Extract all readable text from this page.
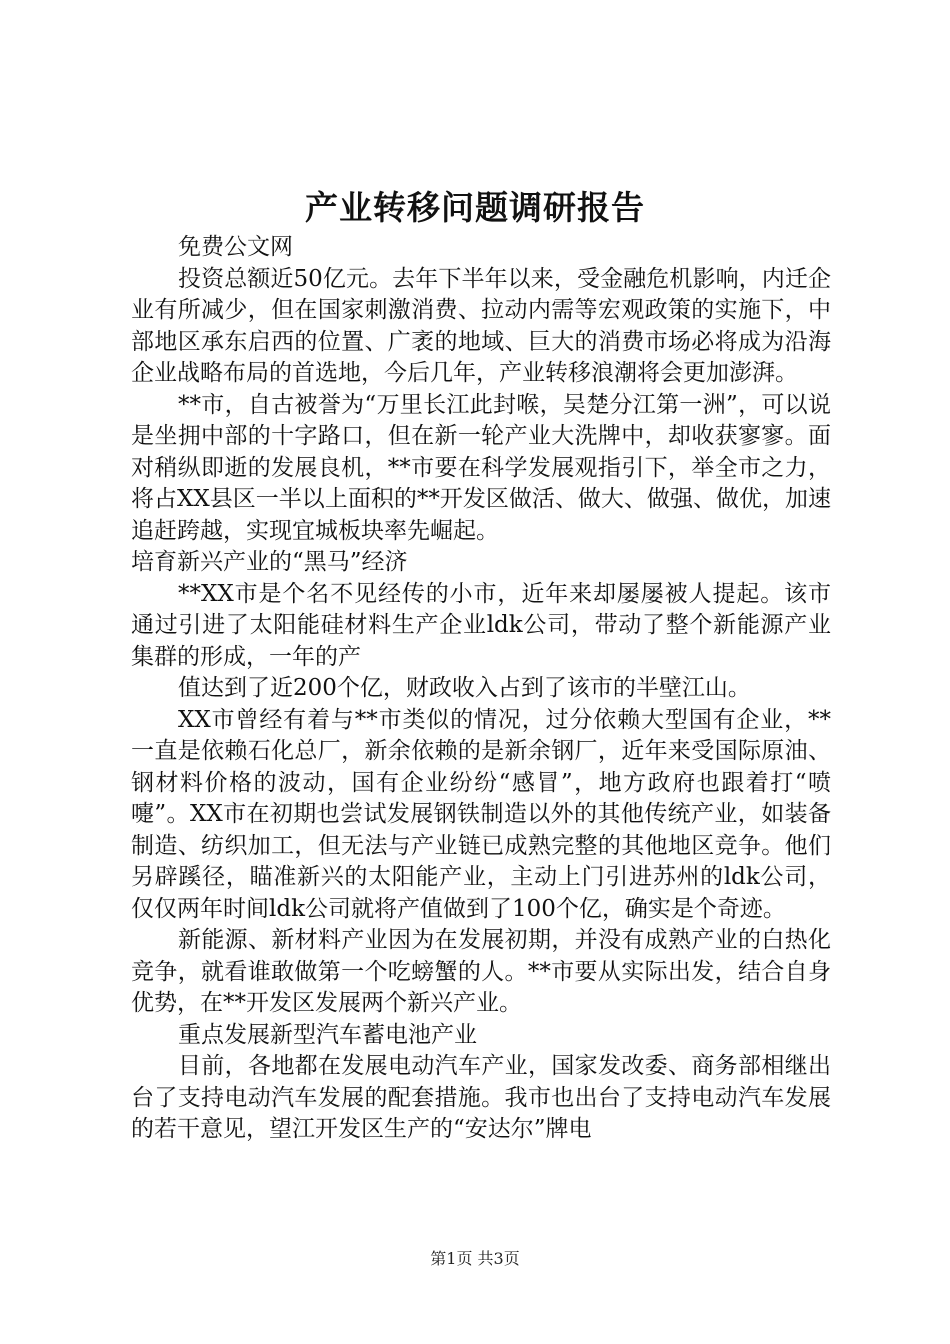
产业转移问题调研报告

免费公文网

投资总额近50亿元。去年下半年以来，受金融危机影响，内迁企业有所减少，但在国家刺激消费、拉动内需等宏观政策的实施下，中部地区承东启西的位置、广袤的地域、巨大的消费市场必将成为沿海企业战略布局的首选地，今后几年，产业转移浪潮将会更加澎湃。

**市，自古被誉为“万里长江此封喉，吴楚分江第一洲”，可以说是坐拥中部的十字路口，但在新一轮产业大洗牌中，却收获寥寥。面对稍纵即逝的发展良机，**市要在科学发展观指引下，举全市之力，将占XX县区一半以上面积的**开发区做活、做大、做强、做优，加速追赶跨越，实现宜城板块率先崛起。

培育新兴产业的“黑马”经济

**XX市是个名不见经传的小市，近年来却屡屡被人提起。该市通过引进了太阳能硅材料生产企业ldk公司，带动了整个新能源产业集群的形成，一年的产

值达到了近200个亿，财政收入占到了该市的半壁江山。

XX市曾经有着与**市类似的情况，过分依赖大型国有企业，**一直是依赖石化总厂，新余依赖的是新余钢厂，近年来受国际原油、钢材料价格的波动，国有企业纷纷“感冒”，地方政府也跟着打“喷嚏”。XX市在初期也尝试发展钢铁制造以外的其他传统产业，如装备制造、纺织加工，但无法与产业链已成熟完整的其他地区竞争。他们另辟蹊径，瞄准新兴的太阳能产业，主动上门引进苏州的ldk公司，仅仅两年时间ldk公司就将产值做到了100个亿，确实是个奇迹。

新能源、新材料产业因为在发展初期，并没有成熟产业的白热化竞争，就看谁敢做第一个吃螃蟹的人。**市要从实际出发，结合自身优势，在**开发区发展两个新兴产业。

重点发展新型汽车蓄电池产业

目前，各地都在发展电动汽车产业，国家发改委、商务部相继出台了支持电动汽车发展的配套措施。我市也出台了支持电动汽车发展的若干意见，望江开发区生产的“安达尔”牌电

第1页 共3页
